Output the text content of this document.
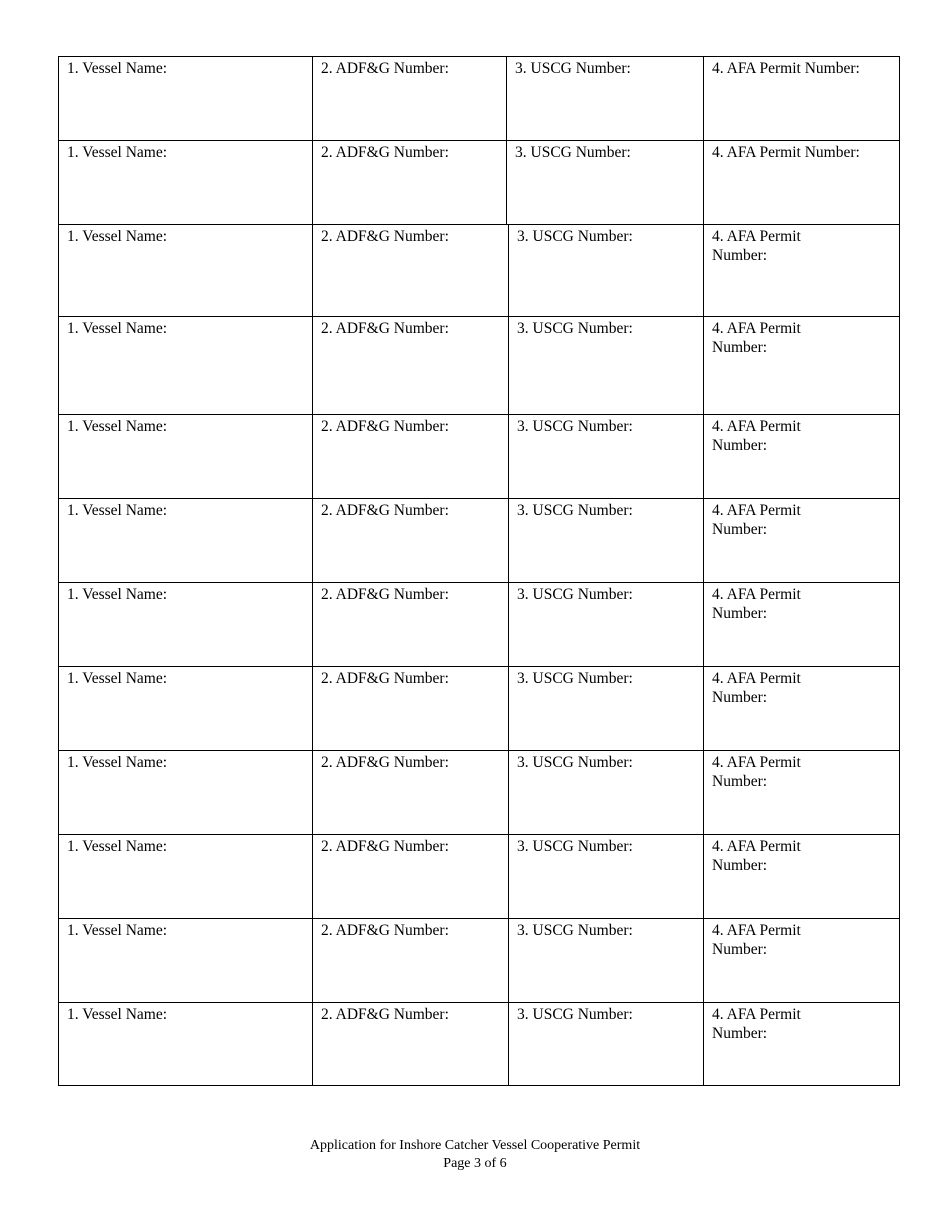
1. Vessel Name:	2. ADF&G Number:	3. USCG Number:	4. AFA Permit Number:
1. Vessel Name:	2. ADF&G Number:	3. USCG Number:	4. AFA Permit Number:
1. Vessel Name:	2. ADF&G Number:	3. USCG Number:	4. AFA Permit Number:
1. Vessel Name:	2. ADF&G Number:	3. USCG Number:	4. AFA Permit Number:
1. Vessel Name:	2. ADF&G Number:	3. USCG Number:	4. AFA Permit Number:
1. Vessel Name:	2. ADF&G Number:	3. USCG Number:	4. AFA Permit Number:
1. Vessel Name:	2. ADF&G Number:	3. USCG Number:	4. AFA Permit Number:
1. Vessel Name:	2. ADF&G Number:	3. USCG Number:	4. AFA Permit Number:
1. Vessel Name:	2. ADF&G Number:	3. USCG Number:	4. AFA Permit Number:
1. Vessel Name:	2. ADF&G Number:	3. USCG Number:	4. AFA Permit Number:
1. Vessel Name:	2. ADF&G Number:	3. USCG Number:	4. AFA Permit Number:
1. Vessel Name:	2. ADF&G Number:	3. USCG Number:	4. AFA Permit Number:
Application for Inshore Catcher Vessel Cooperative Permit
Page 3 of 6
